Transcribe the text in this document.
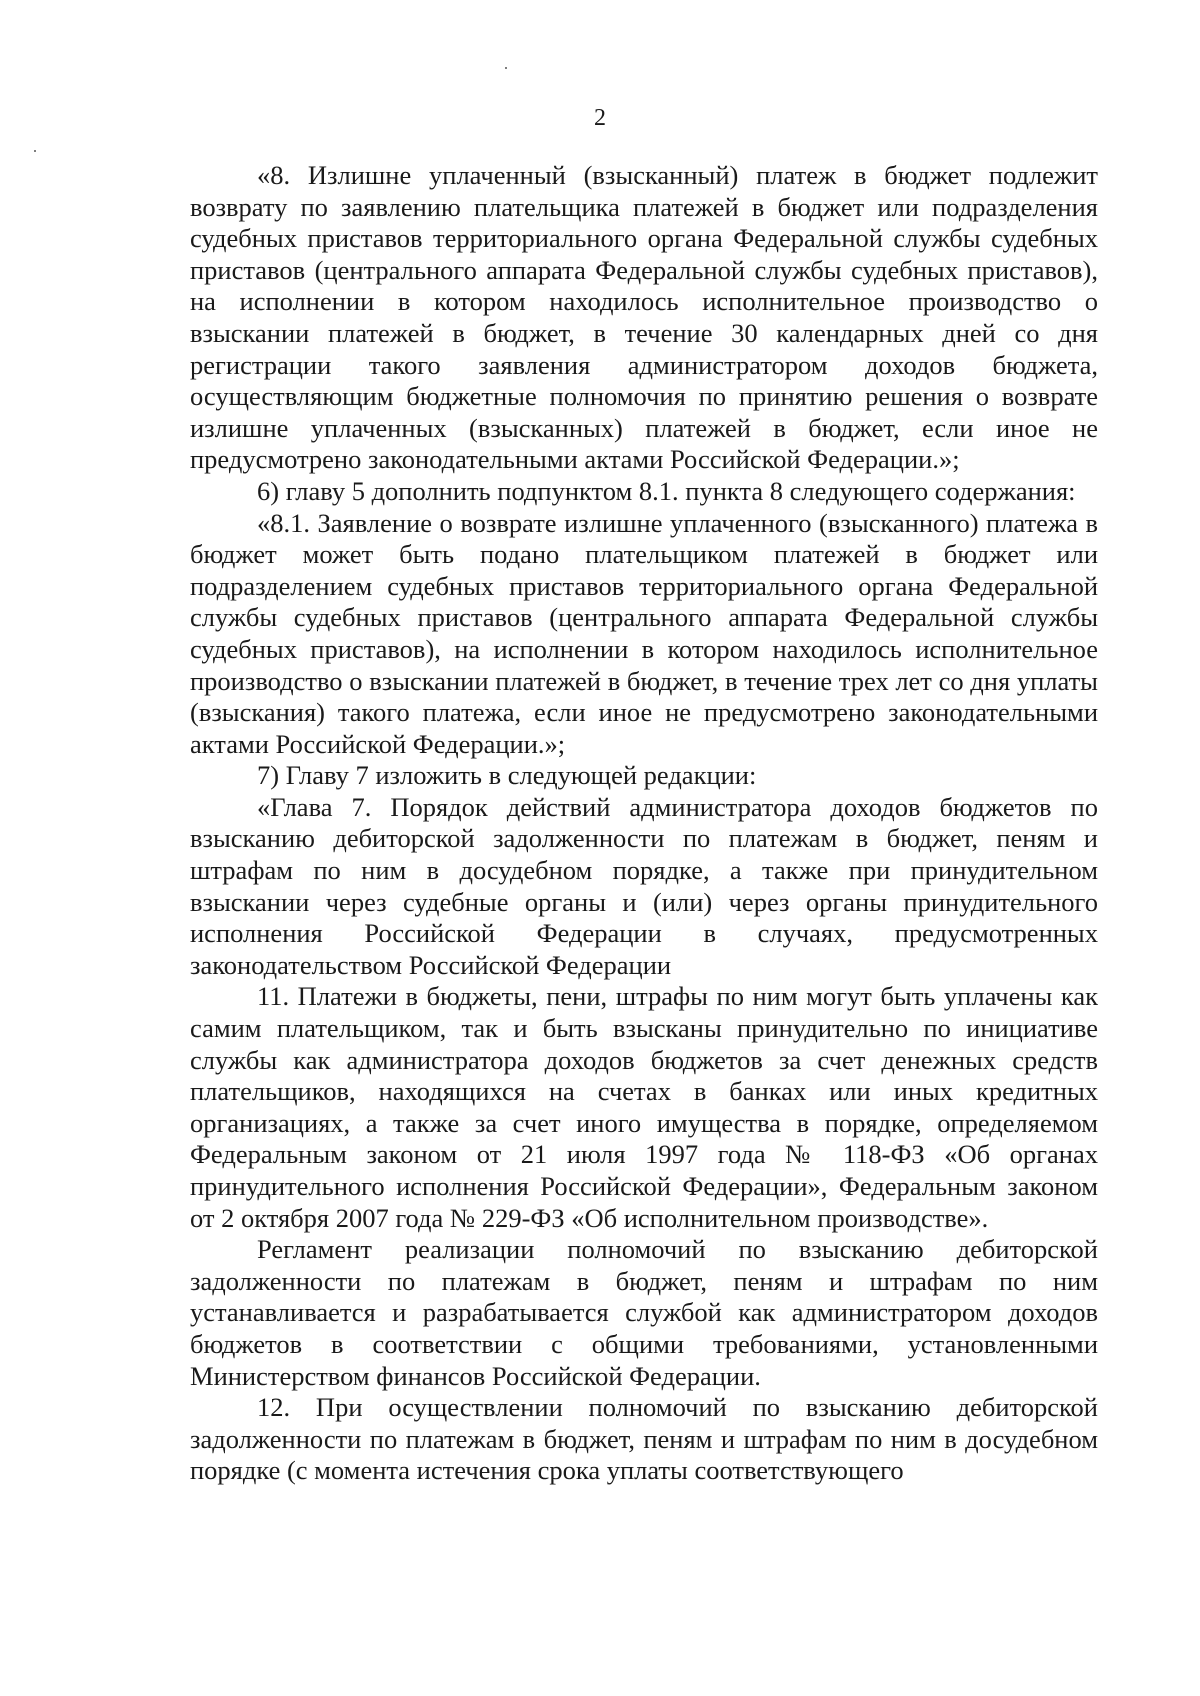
2

«8. Излишне уплаченный (взысканный) платеж в бюджет подлежит возврату по заявлению плательщика платежей в бюджет или подразделения судебных приставов территориального органа Федеральной службы судебных приставов (центрального аппарата Федеральной службы судебных приставов), на исполнении в котором находилось исполнительное производство о взыскании платежей в бюджет, в течение 30 календарных дней со дня регистрации такого заявления администратором доходов бюджета, осуществляющим бюджетные полномочия по принятию решения о возврате излишне уплаченных (взысканных) платежей в бюджет, если иное не предусмотрено законодательными актами Российской Федерации.»;

6) главу 5 дополнить подпунктом 8.1. пункта 8 следующего содержания:

«8.1. Заявление о возврате излишне уплаченного (взысканного) платежа в бюджет может быть подано плательщиком платежей в бюджет или подразделением судебных приставов территориального органа Федеральной службы судебных приставов (центрального аппарата Федеральной службы судебных приставов), на исполнении в котором находилось исполнительное производство о взыскании платежей в бюджет, в течение трех лет со дня уплаты (взыскания) такого платежа, если иное не предусмотрено законодательными актами Российской Федерации.»;

7) Главу 7 изложить в следующей редакции:

«Глава 7. Порядок действий администратора доходов бюджетов по взысканию дебиторской задолженности по платежам в бюджет, пеням и штрафам по ним в досудебном порядке, а также при принудительном взыскании через судебные органы и (или) через органы принудительного исполнения Российской Федерации в случаях, предусмотренных законодательством Российской Федерации

11. Платежи в бюджеты, пени, штрафы по ним могут быть уплачены как самим плательщиком, так и быть взысканы принудительно по инициативе службы как администратора доходов бюджетов за счет денежных средств плательщиков, находящихся на счетах в банках или иных кредитных организациях, а также за счет иного имущества в порядке, определяемом Федеральным законом от 21 июля 1997 года № 118-ФЗ «Об органах принудительного исполнения Российской Федерации», Федеральным законом от 2 октября 2007 года № 229-ФЗ «Об исполнительном производстве».

Регламент реализации полномочий по взысканию дебиторской задолженности по платежам в бюджет, пеням и штрафам по ним устанавливается и разрабатывается службой как администратором доходов бюджетов в соответствии с общими требованиями, установленными Министерством финансов Российской Федерации.

12. При осуществлении полномочий по взысканию дебиторской задолженности по платежам в бюджет, пеням и штрафам по ним в досудебном порядке (с момента истечения срока уплаты соответствующего
